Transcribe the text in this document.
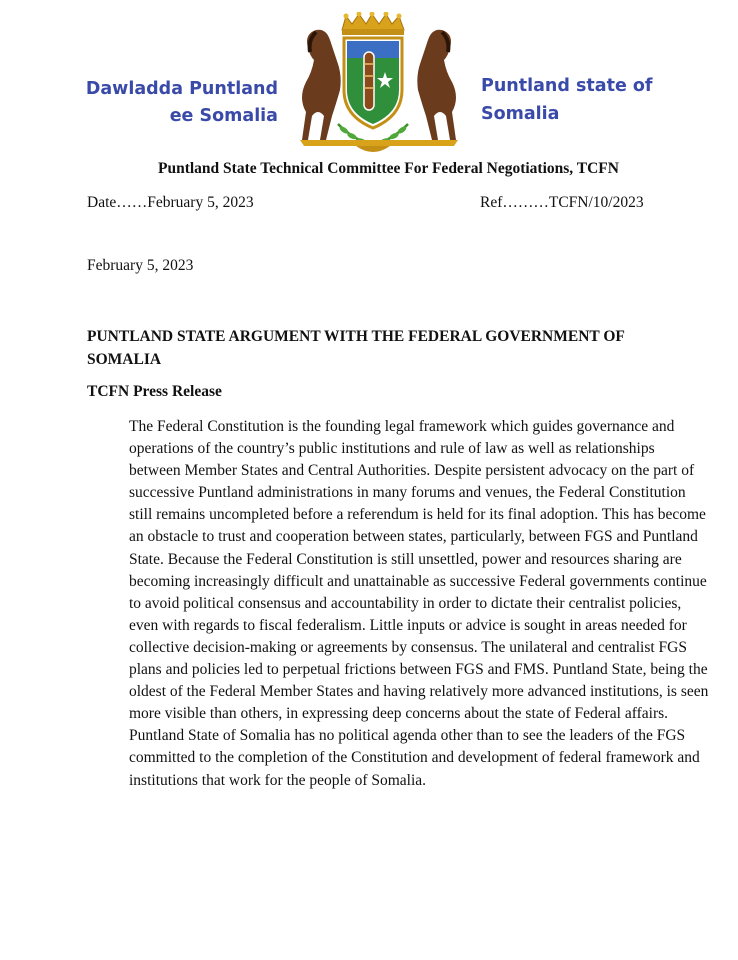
Dawladda Puntland
ee Somalia
Puntland state of
Somalia
Puntland State Technical Committee For Federal Negotiations, TCFN
Date……February 5, 2023	Ref………TCFN/10/2023
February 5, 2023
PUNTLAND STATE ARGUMENT WITH THE FEDERAL GOVERNMENT OF SOMALIA
TCFN Press Release
The Federal Constitution is the founding legal framework which guides governance and operations of the country’s public institutions and rule of law as well as relationships between Member States and Central Authorities. Despite persistent advocacy on the part of successive Puntland administrations in many forums and venues, the Federal Constitution still remains uncompleted before a referendum is held for its final adoption. This has become an obstacle to trust and cooperation between states, particularly, between FGS and Puntland State. Because the Federal Constitution is still unsettled, power and resources sharing are becoming increasingly difficult and unattainable as successive Federal governments continue to avoid political consensus and accountability in order to dictate their centralist policies, even with regards to fiscal federalism. Little inputs or advice is sought in areas needed for collective decision-making or agreements by consensus. The unilateral and centralist FGS plans and policies led to perpetual frictions between FGS and FMS. Puntland State, being the oldest of the Federal Member States and having relatively more advanced institutions, is seen more visible than others, in expressing deep concerns about the state of Federal affairs. Puntland State of Somalia has no political agenda other than to see the leaders of the FGS committed to the completion of the Constitution and development of federal framework and institutions that work for the people of Somalia.
